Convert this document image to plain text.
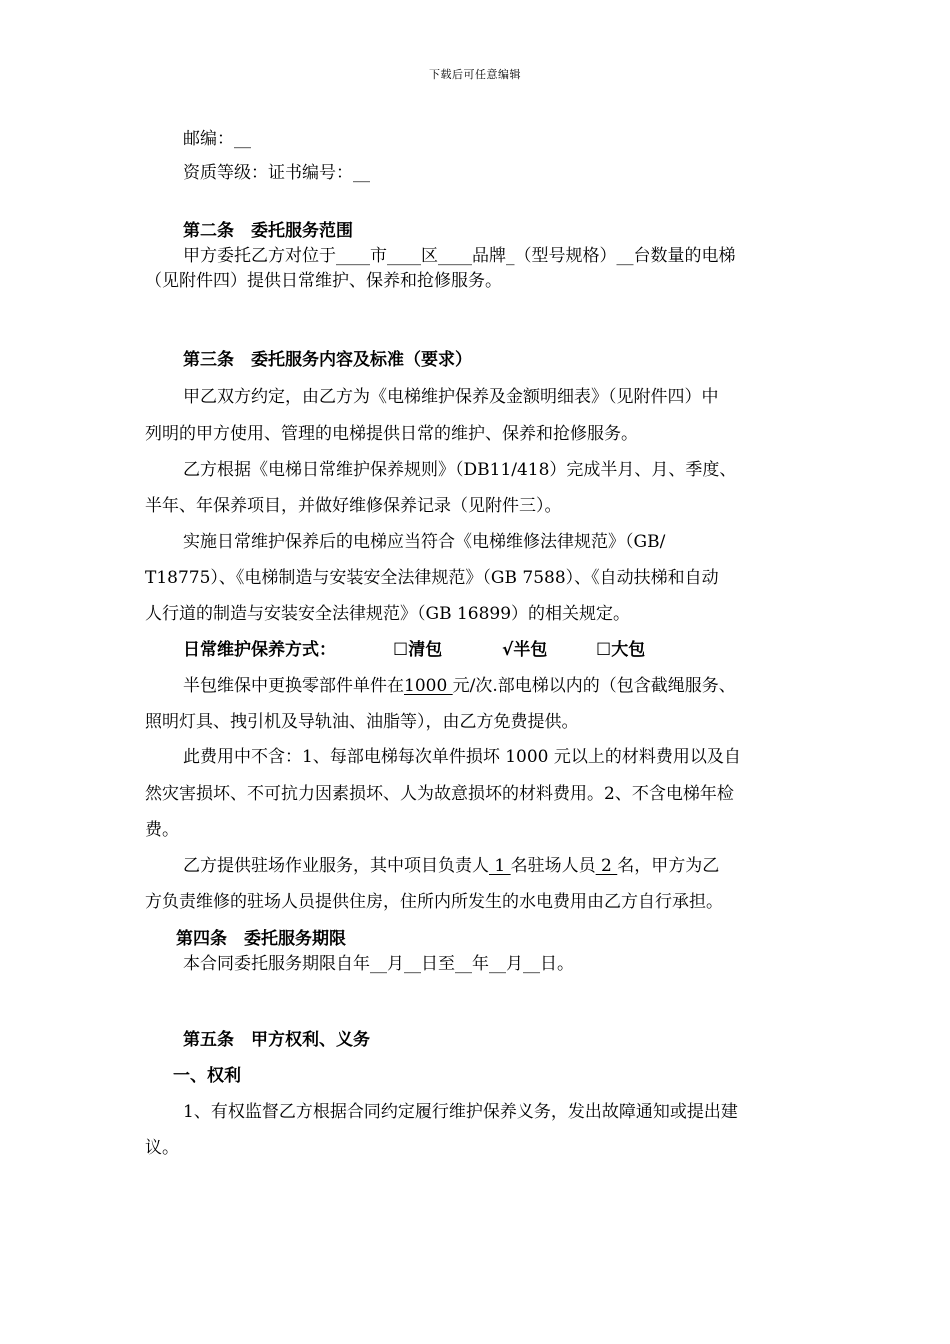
下载后可任意编辑
邮编：__
资质等级：证书编号：__
第二条　委托服务范围
甲方委托乙方对位于____市____区____品牌_（型号规格）__台数量的电梯
（见附件四）提供日常维护、保养和抢修服务。
第三条　委托服务内容及标准（要求）
甲乙双方约定，由乙方为《电梯维护保养及金额明细表》（见附件四）中
列明的甲方使用、管理的电梯提供日常的维护、保养和抢修服务。
乙方根据《电梯日常维护保养规则》（DB11/418）完成半月、月、季度、
半年、年保养项目，并做好维修保养记录（见附件三）。
实施日常维护保养后的电梯应当符合《电梯维修法律规范》（GB/
T18775）、《电梯制造与安装安全法律规范》（GB 7588）、《自动扶梯和自动
人行道的制造与安装安全法律规范》（GB 16899）的相关规定。
日常维护保养方式：	☐清包	√半包	☐大包
半包维保中更换零部件单件在1000 元/次.部电梯以内的（包含截绳服务、
照明灯具、拽引机及导轨油、油脂等），由乙方免费提供。
此费用中不含：1、每部电梯每次单件损坏 1000 元以上的材料费用以及自
然灾害损坏、不可抗力因素损坏、人为故意损坏的材料费用。2、不含电梯年检
费。
乙方提供驻场作业服务，其中项目负责人 1 名驻场人员 2 名，甲方为乙
方负责维修的驻场人员提供住房，住所内所发生的水电费用由乙方自行承担。
第四条　委托服务期限
本合同委托服务期限自年__月__日至__年__月__日。
第五条　甲方权利、义务
一、权利
1、有权监督乙方根据合同约定履行维护保养义务，发出故障通知或提出建
议。
